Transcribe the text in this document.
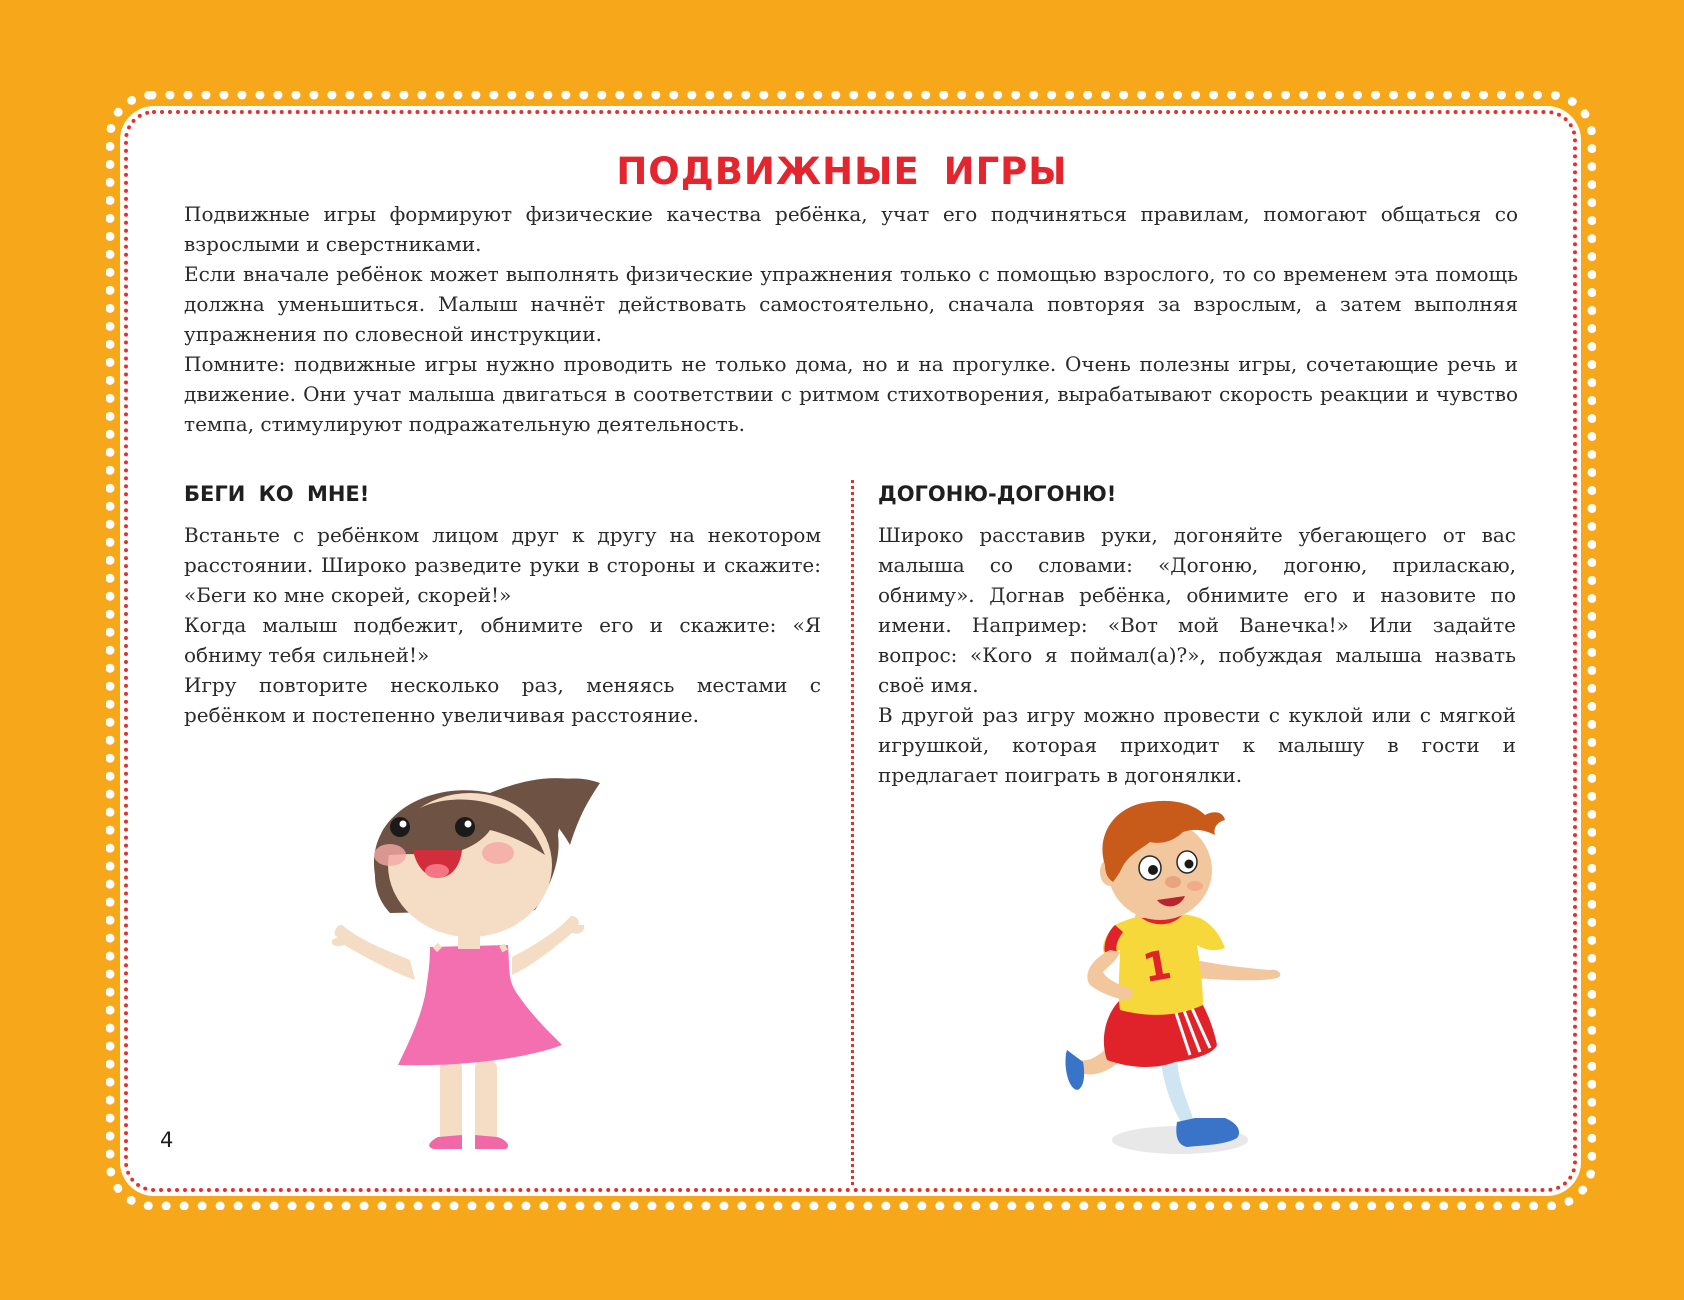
ПОДВИЖНЫЕ ИГРЫ

Подвижные игры формируют физические качества ребёнка, учат его подчиняться правилам, помогают общаться со взрослыми и сверстниками.

Если вначале ребёнок может выполнять физические упражнения только с помощью взрослого, то со временем эта помощь должна уменьшиться. Малыш начнёт действовать самостоятельно, сначала повторяя за взрослым, а затем выполняя упражнения по словесной инструкции.

Помните: подвижные игры нужно проводить не только дома, но и на прогулке. Очень полезны игры, сочетающие речь и движение. Они учат малыша двигаться в соответствии с ритмом стихотворения, вырабатывают скорость реакции и чувство темпа, стимулируют подражательную деятельность.

БЕГИ КО МНЕ!

Встаньте с ребёнком лицом друг к другу на некотором расстоянии. Широко разведите руки в стороны и скажите: «Беги ко мне скорей, скорей!»

Когда малыш подбежит, обнимите его и скажите: «Я обниму тебя сильней!»

Игру повторите несколько раз, меняясь местами с ребёнком и постепенно увеличивая расстояние.

ДОГОНЮ-ДОГОНЮ!

Широко расставив руки, догоняйте убегающего от вас малыша со словами: «Догоню, догоню, приласкаю, обниму». Догнав ребёнка, обнимите его и назовите по имени. Например: «Вот мой Ванечка!» Или задайте вопрос: «Кого я поймал(а)?», побуждая малыша назвать своё имя.

В другой раз игру можно провести с куклой или с мягкой игрушкой, которая приходит к малышу в гости и предлагает поиграть в догонялки.

1

4
